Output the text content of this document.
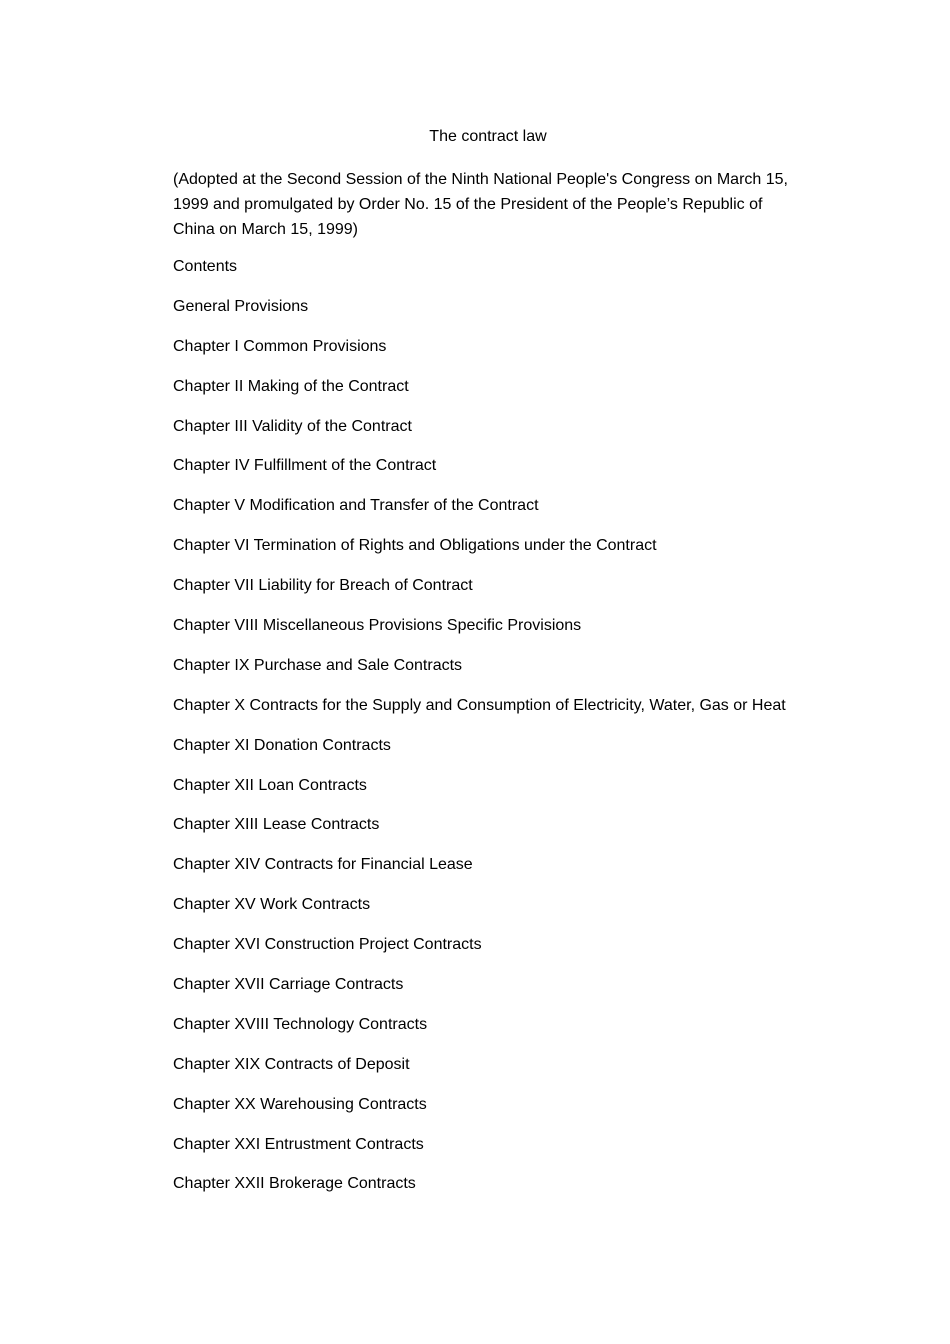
The contract law

(Adopted at the Second Session of the Ninth National People's Congress on March 15, 1999 and promulgated by Order No. 15 of the President of the People’s Republic of China on March 15, 1999)

Contents
General Provisions
Chapter I Common Provisions
Chapter II Making of the Contract
Chapter III Validity of the Contract
Chapter IV Fulfillment of the Contract
Chapter V Modification and Transfer of the Contract
Chapter VI Termination of Rights and Obligations under the Contract
Chapter VII Liability for Breach of Contract
Chapter VIII Miscellaneous Provisions Specific Provisions
Chapter IX Purchase and Sale Contracts
Chapter X Contracts for the Supply and Consumption of Electricity, Water, Gas or Heat
Chapter XI Donation Contracts
Chapter XII Loan Contracts
Chapter XIII Lease Contracts
Chapter XIV Contracts for Financial Lease
Chapter XV Work Contracts
Chapter XVI Construction Project Contracts
Chapter XVII Carriage Contracts
Chapter XVIII Technology Contracts
Chapter XIX Contracts of Deposit
Chapter XX Warehousing Contracts
Chapter XXI Entrustment Contracts
Chapter XXII Brokerage Contracts
